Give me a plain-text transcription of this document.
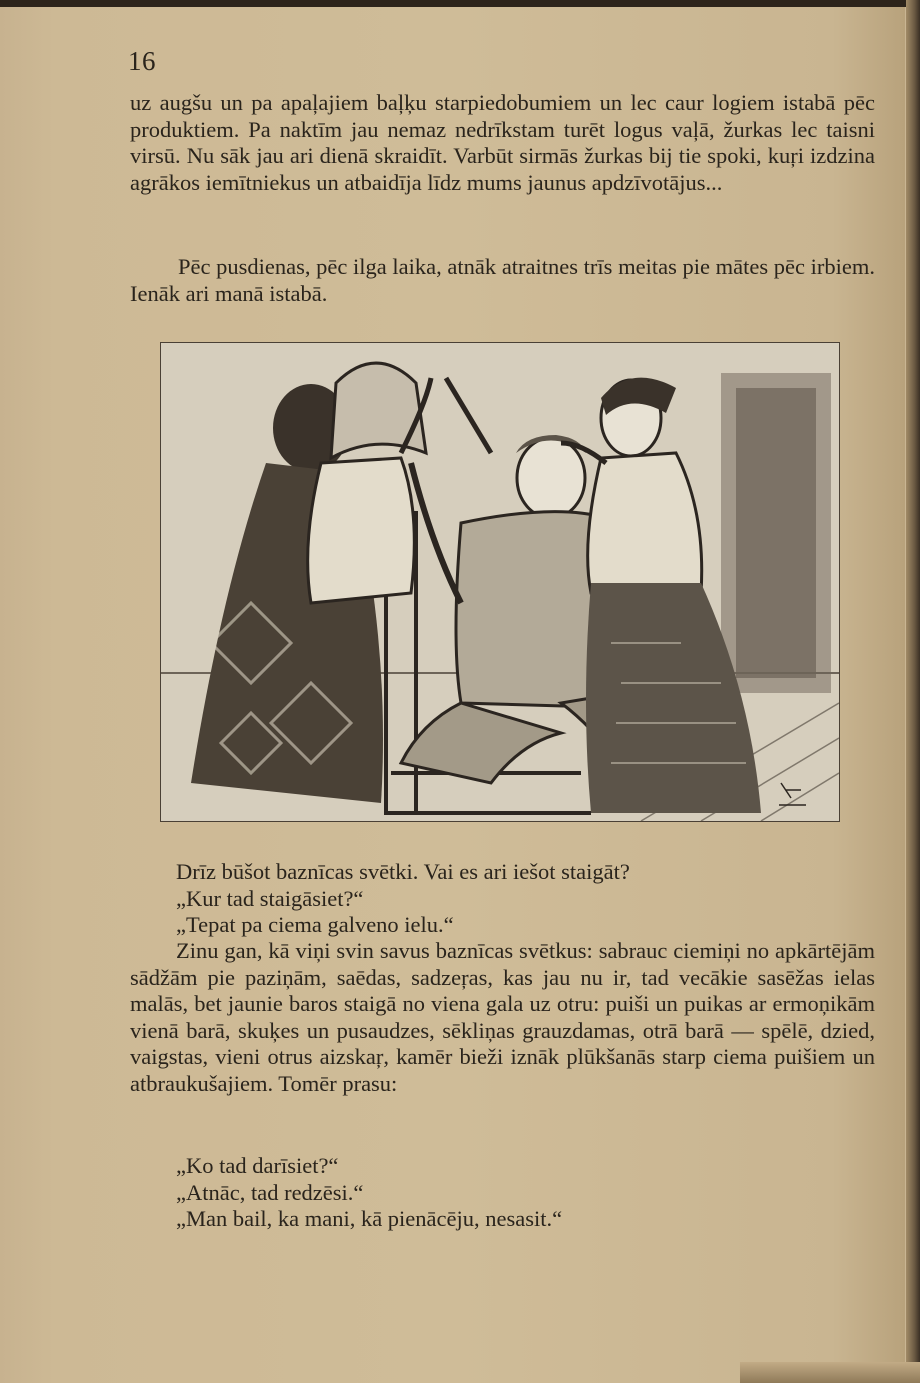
16

uz augšu un pa apaļajiem baļķu starpiedobumiem un lec caur logiem istabā pēc produktiem. Pa naktīm jau nemaz nedrīkstam turēt logus vaļā, žurkas lec taisni virsū. Nu sāk jau ari dienā skraidīt. Varbūt sirmās žurkas bij tie spoki, kuŗi izdzina agrākos iemītniekus un atbaidīja līdz mums jaunus apdzīvotājus...

Pēc pusdienas, pēc ilga laika, atnāk atraitnes trīs meitas pie mātes pēc irbiem. Ienāk ari manā istabā.

Drīz būšot baznīcas svētki. Vai es ari iešot staigāt?
„Kur tad staigāsiet?“
„Tepat pa ciema galveno ielu.“

Zinu gan, kā viņi svin savus baznīcas svētkus: sabrauc ciemiņi no apkārtējām sādžām pie paziņām, saēdas, sadzeŗas, kas jau nu ir, tad vecākie sasēžas ielas malās, bet jaunie baros staigā no viena gala uz otru: puiši un puikas ar ermoņikām vienā barā, skuķes un pusaudzes, sēkliņas grauzdamas, otrā barā — spēlē, dzied, vaigstas, vieni otrus aizskaŗ, kamēr bieži iznāk plūkšanās starp ciema puišiem un atbraukušajiem. Tomēr prasu:

„Ko tad darīsiet?“
„Atnāc, tad redzēsi.“
„Man bail, ka mani, kā pienācēju, nesasit.“
